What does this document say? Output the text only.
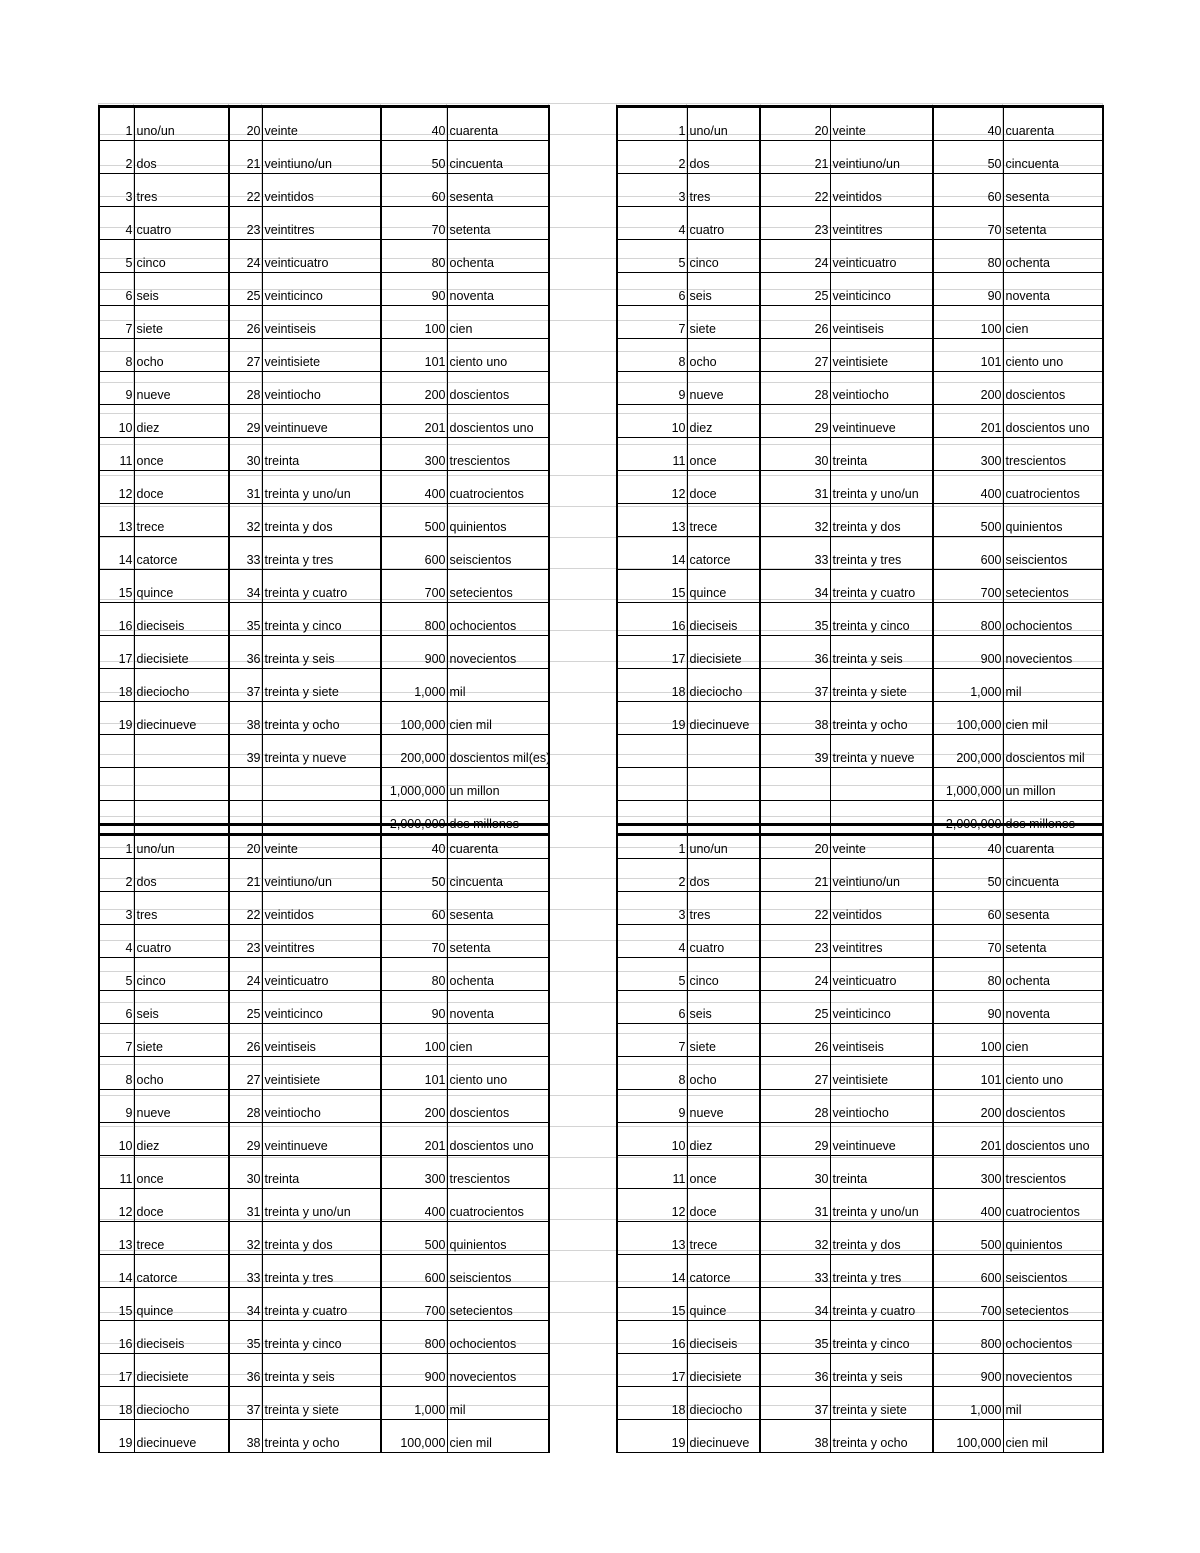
1	uno/un	20	veinte	40	cuarenta
2	dos	21	veintiuno/un	50	cincuenta
3	tres	22	veintidos	60	sesenta
4	cuatro	23	veintitres	70	setenta
5	cinco	24	veinticuatro	80	ochenta
6	seis	25	veinticinco	90	noventa
7	siete	26	veintiseis	100	cien
8	ocho	27	veintisiete	101	ciento uno
9	nueve	28	veintiocho	200	doscientos
10	diez	29	veintinueve	201	doscientos uno
11	once	30	treinta	300	trescientos
12	doce	31	treinta y uno/un	400	cuatrocientos
13	trece	32	treinta y dos	500	quinientos
14	catorce	33	treinta y tres	600	seiscientos
15	quince	34	treinta y cuatro	700	setecientos
16	dieciseis	35	treinta y cinco	800	ochocientos
17	diecisiete	36	treinta y seis	900	novecientos
18	dieciocho	37	treinta y siete	1,000	mil
19	diecinueve	38	treinta y ocho	100,000	cien mil
		39	treinta y nueve	200,000	doscientos mil(es)
				1,000,000	un millon
				2,000,000	dos millones
1	uno/un	20	veinte	40	cuarenta
2	dos	21	veintiuno/un	50	cincuenta
3	tres	22	veintidos	60	sesenta
4	cuatro	23	veintitres	70	setenta
5	cinco	24	veinticuatro	80	ochenta
6	seis	25	veinticinco	90	noventa
7	siete	26	veintiseis	100	cien
8	ocho	27	veintisiete	101	ciento uno
9	nueve	28	veintiocho	200	doscientos
10	diez	29	veintinueve	201	doscientos uno
11	once	30	treinta	300	trescientos
12	doce	31	treinta y uno/un	400	cuatrocientos
13	trece	32	treinta y dos	500	quinientos
14	catorce	33	treinta y tres	600	seiscientos
15	quince	34	treinta y cuatro	700	setecientos
16	dieciseis	35	treinta y cinco	800	ochocientos
17	diecisiete	36	treinta y seis	900	novecientos
18	dieciocho	37	treinta y siete	1,000	mil
19	diecinueve	38	treinta y ocho	100,000	cien mil
		39	treinta y nueve	200,000	doscientos mil
				1,000,000	un millon
				2,000,000	dos millones
1	uno/un	20	veinte	40	cuarenta
2	dos	21	veintiuno/un	50	cincuenta
3	tres	22	veintidos	60	sesenta
4	cuatro	23	veintitres	70	setenta
5	cinco	24	veinticuatro	80	ochenta
6	seis	25	veinticinco	90	noventa
7	siete	26	veintiseis	100	cien
8	ocho	27	veintisiete	101	ciento uno
9	nueve	28	veintiocho	200	doscientos
10	diez	29	veintinueve	201	doscientos uno
11	once	30	treinta	300	trescientos
12	doce	31	treinta y uno/un	400	cuatrocientos
13	trece	32	treinta y dos	500	quinientos
14	catorce	33	treinta y tres	600	seiscientos
15	quince	34	treinta y cuatro	700	setecientos
16	dieciseis	35	treinta y cinco	800	ochocientos
17	diecisiete	36	treinta y seis	900	novecientos
18	dieciocho	37	treinta y siete	1,000	mil
19	diecinueve	38	treinta y ocho	100,000	cien mil
1	uno/un	20	veinte	40	cuarenta
2	dos	21	veintiuno/un	50	cincuenta
3	tres	22	veintidos	60	sesenta
4	cuatro	23	veintitres	70	setenta
5	cinco	24	veinticuatro	80	ochenta
6	seis	25	veinticinco	90	noventa
7	siete	26	veintiseis	100	cien
8	ocho	27	veintisiete	101	ciento uno
9	nueve	28	veintiocho	200	doscientos
10	diez	29	veintinueve	201	doscientos uno
11	once	30	treinta	300	trescientos
12	doce	31	treinta y uno/un	400	cuatrocientos
13	trece	32	treinta y dos	500	quinientos
14	catorce	33	treinta y tres	600	seiscientos
15	quince	34	treinta y cuatro	700	setecientos
16	dieciseis	35	treinta y cinco	800	ochocientos
17	diecisiete	36	treinta y seis	900	novecientos
18	dieciocho	37	treinta y siete	1,000	mil
19	diecinueve	38	treinta y ocho	100,000	cien mil
